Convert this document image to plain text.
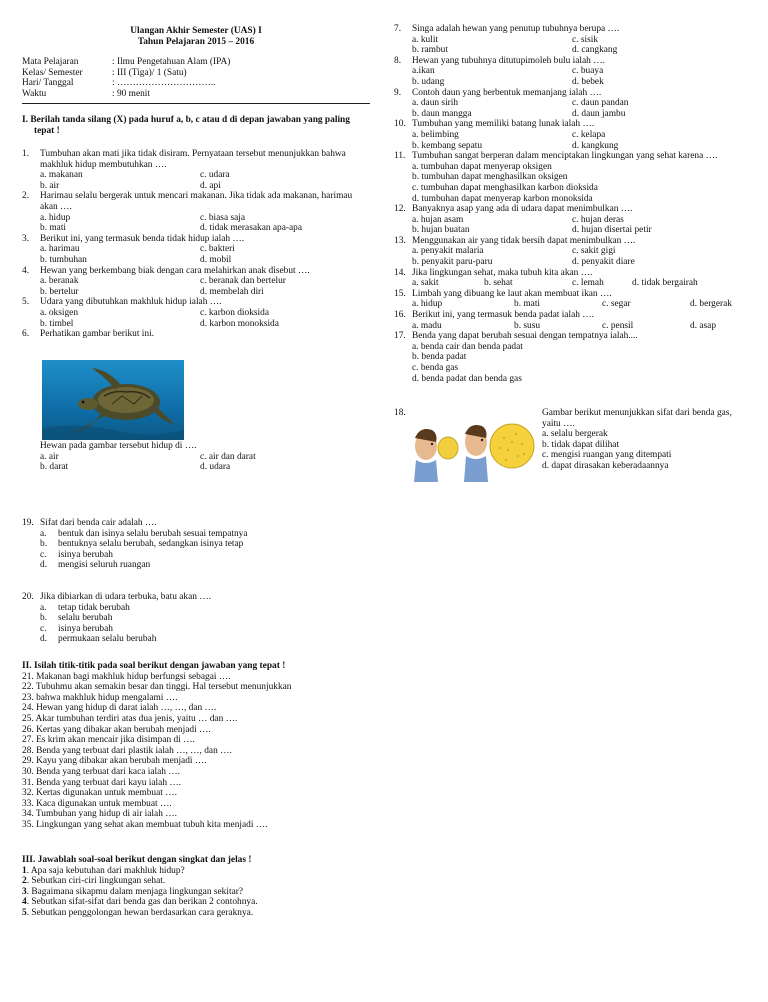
Ulangan Akhir Semester (UAS) I
Tahun Pelajaran 2015 – 2016
Mata Pelajaran	: Ilmu Pengetahuan Alam (IPA)
Kelas/ Semester	: III (Tiga)/ 1 (Satu)
Hari/ Tanggal	: …………………………..
Waktu	: 90 menit
I. Berilah tanda silang (X) pada huruf a, b, c atau d di depan jawaban yang paling
tepat !
1. Tumbuhan akan mati jika tidak disiram. Pernyataan tersebut menunjukkan bahwa
makhluk hidup membutuhkan ….
a. makanan	c. udara
b. air	d. api
2. Harimau selalu bergerak untuk mencari makanan. Jika tidak ada makanan, harimau
akan ….
a. hidup	c. biasa saja
b. mati	d. tidak merasakan apa-apa
3. Berikut ini, yang termasuk benda tidak hidup ialah ….
a. harimau	c. bakteri
b. tumbuhan	d. mobil
4. Hewan yang berkembang biak dengan cara melahirkan anak disebut ….
a. beranak	c. beranak dan bertelur
b. bertelur	d. membelah diri
5. Udara yang dibutuhkan makhluk hidup ialah ….
a. oksigen	c. karbon dioksida
b. timbel	d. karbon monoksida
6. Perhatikan gambar berikut ini.
Hewan pada gambar tersebut hidup di ….
a. air	c. air dan darat
b. darat	d. udara
7. Singa adalah hewan yang penutup tubuhnya berupa ….
a. kulit	c. sisik
b. rambut	d. cangkang
8. Hewan yang tubuhnya ditutupimoleh bulu ialah ….
a.ikan	c. buaya
b. udang	d. bebek
9. Contoh daun yang berbentuk memanjang ialah ….
a. daun sirih	c. daun pandan
b. daun mangga	d. daun jambu
10. Tumbuhan yang memiliki batang lunak ialah ….
a. belimbing	c. kelapa
b. kembang sepatu	d. kangkung
11. Tumbuhan sangat berperan dalam menciptakan lingkungan yang sehat karena ….
a. tumbuhan dapat menyerap oksigen
b. tumbuhan dapat menghasilkan oksigen
c. tumbuhan dapat menghasilkan karbon dioksida
d. tumbuhan dapat menyerap karbon monoksida
12. Banyaknya asap yang ada di udara dapat menimbulkan ….
a. hujan asam	c. hujan deras
b. hujan buatan	d. hujan disertai petir
13. Menggunakan air yang tidak bersih dapat menimbulkan ….
a. penyakit malaria	c. sakit gigi
b. penyakit paru-paru	d. penyakit diare
14. Jika lingkungan sehat, maka tubuh kita akan ….
a. sakit	b. sehat	c. lemah	d. tidak bergairah
15. Limbah yang dibuang ke laut akan membuat ikan ….
a. hidup	b. mati	c. segar	d. bergerak
16. Berikut ini, yang termasuk benda padat ialah ….
a. madu	b. susu	c. pensil	d. asap
17. Benda yang dapat berubah sesuai dengan tempatnya ialah....
a. benda cair dan benda padat
b. benda padat
c. benda gas
d. benda padat dan benda gas
18.	Gambar berikut menunjukkan sifat dari benda gas,
yaitu ….
a. selalu bergerak
b. tidak dapat dilihat
c. mengisi ruangan yang ditempati
d. dapat dirasakan keberadaannya
19. Sifat dari benda cair adalah ….
a. bentuk dan isinya selalu berubah sesuai tempatnya

b. bentuknya selalu berubah, sedangkan isinya tetap

c. isinya berubah

d. mengisi seluruh ruangan

20. Jika dibiarkan di udara terbuka, batu akan ….
a. tetap tidak berubah

b. selalu berubah

c. isinya berubah

d. permukaan selalu berubah

II. Isilah titik-titik pada soal berikut dengan jawaban yang tepat !
21. Makanan bagi makhluk hidup berfungsi sebagai ….
22. Tubuhmu akan semakin besar dan tinggi. Hal tersebut menunjukkan
23. bahwa makhluk hidup mengalami ….
24. Hewan yang hidup di darat ialah …, …, dan ….
25. Akar tumbuhan terdiri atas dua jenis, yaitu … dan ….
26. Kertas yang dibakar akan berubah menjadi ….
27. Es krim akan mencair jika disimpan di ….
28. Benda yang terbuat dari plastik ialah …, …, dan ….
29. Kayu yang dibakar akan berubah menjadi ….
30. Benda yang terbuat dari kaca ialah ….
31. Benda yang terbuat dari kayu ialah ….
32. Kertas digunakan untuk membuat ….
33. Kaca digunakan untuk membuat ….
34. Tumbuhan yang hidup di air ialah ….
35. Lingkungan yang sehat akan membuat tubuh kita menjadi ….
III. Jawablah soal-soal berikut dengan singkat dan jelas !
1. Apa saja kebutuhan dari makhluk hidup?
2. Sebutkan ciri-ciri lingkungan sehat.
3. Bagaimana sikapmu dalam menjaga lingkungan sekitar?
4. Sebutkan sifat-sifat dari benda gas dan berikan 2 contohnya.
5. Sebutkan penggolongan hewan berdasarkan cara geraknya.
